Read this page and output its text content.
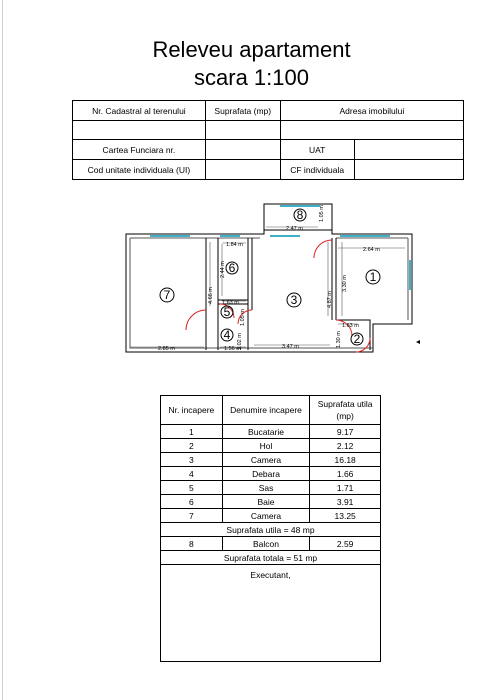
Releveu apartament
scara 1:100
Nr. Cadastral al terenului	Suprafata (mp)	Adresa imobilului	

Cartea Funciara nr.		UAT	
Cod unitate individuala (UI)		CF individuala	
8
1
2
3
4
5
6
7
2.47 m
1.05 m
1.84 m
2.44 m
2.64 m
3.30 m
4.87 m
4.66 m 1.63 m
1.05 m	1.63 m
1.30 m
2.85 m	1.56 m
1.02 m	3.47 m
Nr. incapere	Denumire incapere	Suprafata utila (mp)
1	Bucatarie	9.17
2	Hol	2.12
3	Camera	16.18
4	Debara	1.66
5	Sas	1.71
6	Baie	3.91
7	Camera	13.25
Suprafata utila = 48 mp		
8	Balcon	2.59
Suprafata totala = 51 mp		
Executant,		
